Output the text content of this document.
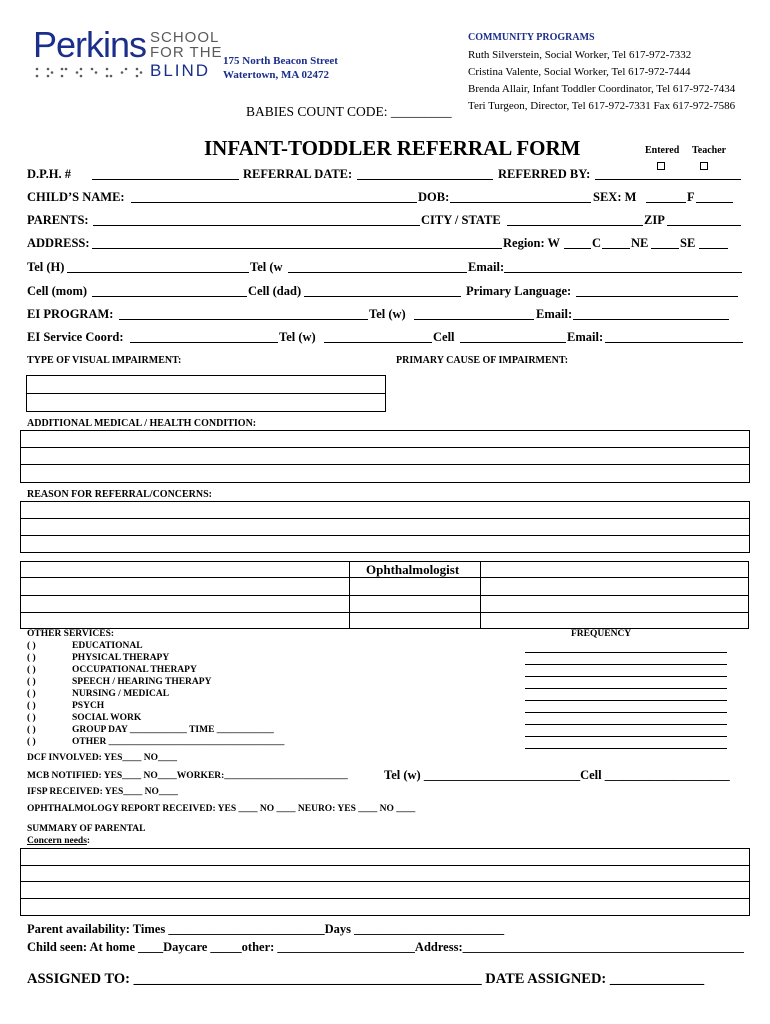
Perkins SCHOOL
FOR THE
BLIND 175 North Beacon Street
Watertown, MA 02472
COMMUNITY PROGRAMS
Ruth Silverstein, Social Worker, Tel 617-972-7332
Cristina Valente, Social Worker, Tel 617-972-7444
Brenda Allair, Infant Toddler Coordinator, Tel 617-972-7434
Teri Turgeon, Director, Tel 617-972-7331 Fax 617-972-7586
BABIES COUNT CODE: _________
INFANT-TODDLER REFERRAL FORM	Entered Teacher
D.P.H. #	REFERRAL DATE:	REFERRED BY:
CHILD’S NAME:	DOB:	SEX: M	F
PARENTS:	CITY / STATE	ZIP
ADDRESS:	Region: W	C NE	SE
Tel (H)	Tel (w	Email:
Cell (mom)	Cell (dad)	Primary Language:
EI PROGRAM:	Tel (w)	Email:
EI Service Coord:	Tel (w)	Cell	Email:
TYPE OF VISUAL IMPAIRMENT:	PRIMARY CAUSE OF IMPAIRMENT:
ADDITIONAL MEDICAL / HEALTH CONDITION:
REASON FOR REFERRAL/CONCERNS:
Ophthalmologist
OTHER SERVICES:	FREQUENCY
( )	EDUCATIONAL
( )	PHYSICAL THERAPY
( )	OCCUPATIONAL THERAPY
( )	SPEECH / HEARING THERAPY
( )	NURSING / MEDICAL
( )	PSYCH
( )	SOCIAL WORK
( )	GROUP DAY ____________ TIME ____________
( )	OTHER _____________________________________
DCF INVOLVED: YES____ NO____
MCB NOTIFIED: YES____ NO____WORKER:__________________________	Tel (w) _________________________Cell ____________________
IFSP RECEIVED: YES____ NO____
OPHTHALMOLOGY REPORT RECEIVED: YES ____ NO ____ NEURO: YES ____ NO ____
SUMMARY OF PARENTAL
Concern needs:
Parent availability: Times _________________________Days ________________________
Child seen: At home ____Daycare _____other: ______________________Address:_____________________________________________
ASSIGNED TO: ________________________________________________ DATE ASSIGNED: _____________
